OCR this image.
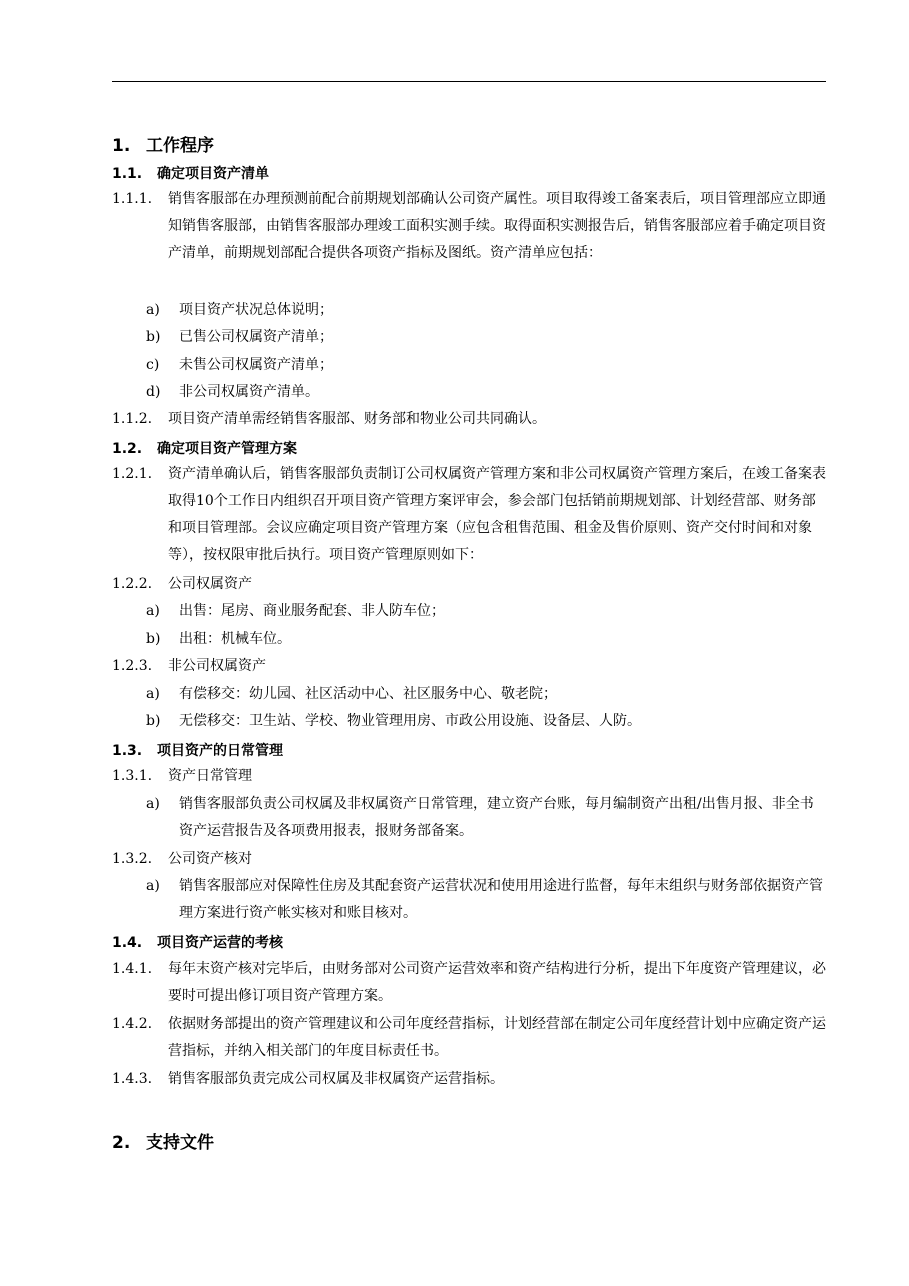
1. 工作程序
1.1. 确定项目资产清单
1.1.1. 销售客服部在办理预测前配合前期规划部确认公司资产属性。项目取得竣工备案表后，项目管理部应立即通知销售客服部，由销售客服部办理竣工面积实测手续。取得面积实测报告后，销售客服部应着手确定项目资产清单，前期规划部配合提供各项资产指标及图纸。资产清单应包括：
a) 项目资产状况总体说明；
b) 已售公司权属资产清单；
c) 未售公司权属资产清单；
d) 非公司权属资产清单。
1.1.2. 项目资产清单需经销售客服部、财务部和物业公司共同确认。
1.2. 确定项目资产管理方案
1.2.1. 资产清单确认后，销售客服部负责制订公司权属资产管理方案和非公司权属资产管理方案后，在竣工备案表取得10个工作日内组织召开项目资产管理方案评审会，参会部门包括销前期规划部、计划经营部、财务部和项目管理部。会议应确定项目资产管理方案（应包含租售范围、租金及售价原则、资产交付时间和对象等），按权限审批后执行。项目资产管理原则如下：
1.2.2. 公司权属资产
a) 出售：尾房、商业服务配套、非人防车位；
b) 出租：机械车位。
1.2.3. 非公司权属资产
a) 有偿移交：幼儿园、社区活动中心、社区服务中心、敬老院；
b) 无偿移交：卫生站、学校、物业管理用房、市政公用设施、设备层、人防。
1.3. 项目资产的日常管理
1.3.1. 资产日常管理
a) 销售客服部负责公司权属及非权属资产日常管理，建立资产台账，每月编制资产出租/出售月报、非全书资产运营报告及各项费用报表，报财务部备案。
1.3.2. 公司资产核对
a) 销售客服部应对保障性住房及其配套资产运营状况和使用用途进行监督，每年末组织与财务部依据资产管理方案进行资产帐实核对和账目核对。
1.4. 项目资产运营的考核
1.4.1. 每年末资产核对完毕后，由财务部对公司资产运营效率和资产结构进行分析，提出下年度资产管理建议，必要时可提出修订项目资产管理方案。
1.4.2. 依据财务部提出的资产管理建议和公司年度经营指标，计划经营部在制定公司年度经营计划中应确定资产运营指标，并纳入相关部门的年度目标责任书。
1.4.3. 销售客服部负责完成公司权属及非权属资产运营指标。
2. 支持文件
